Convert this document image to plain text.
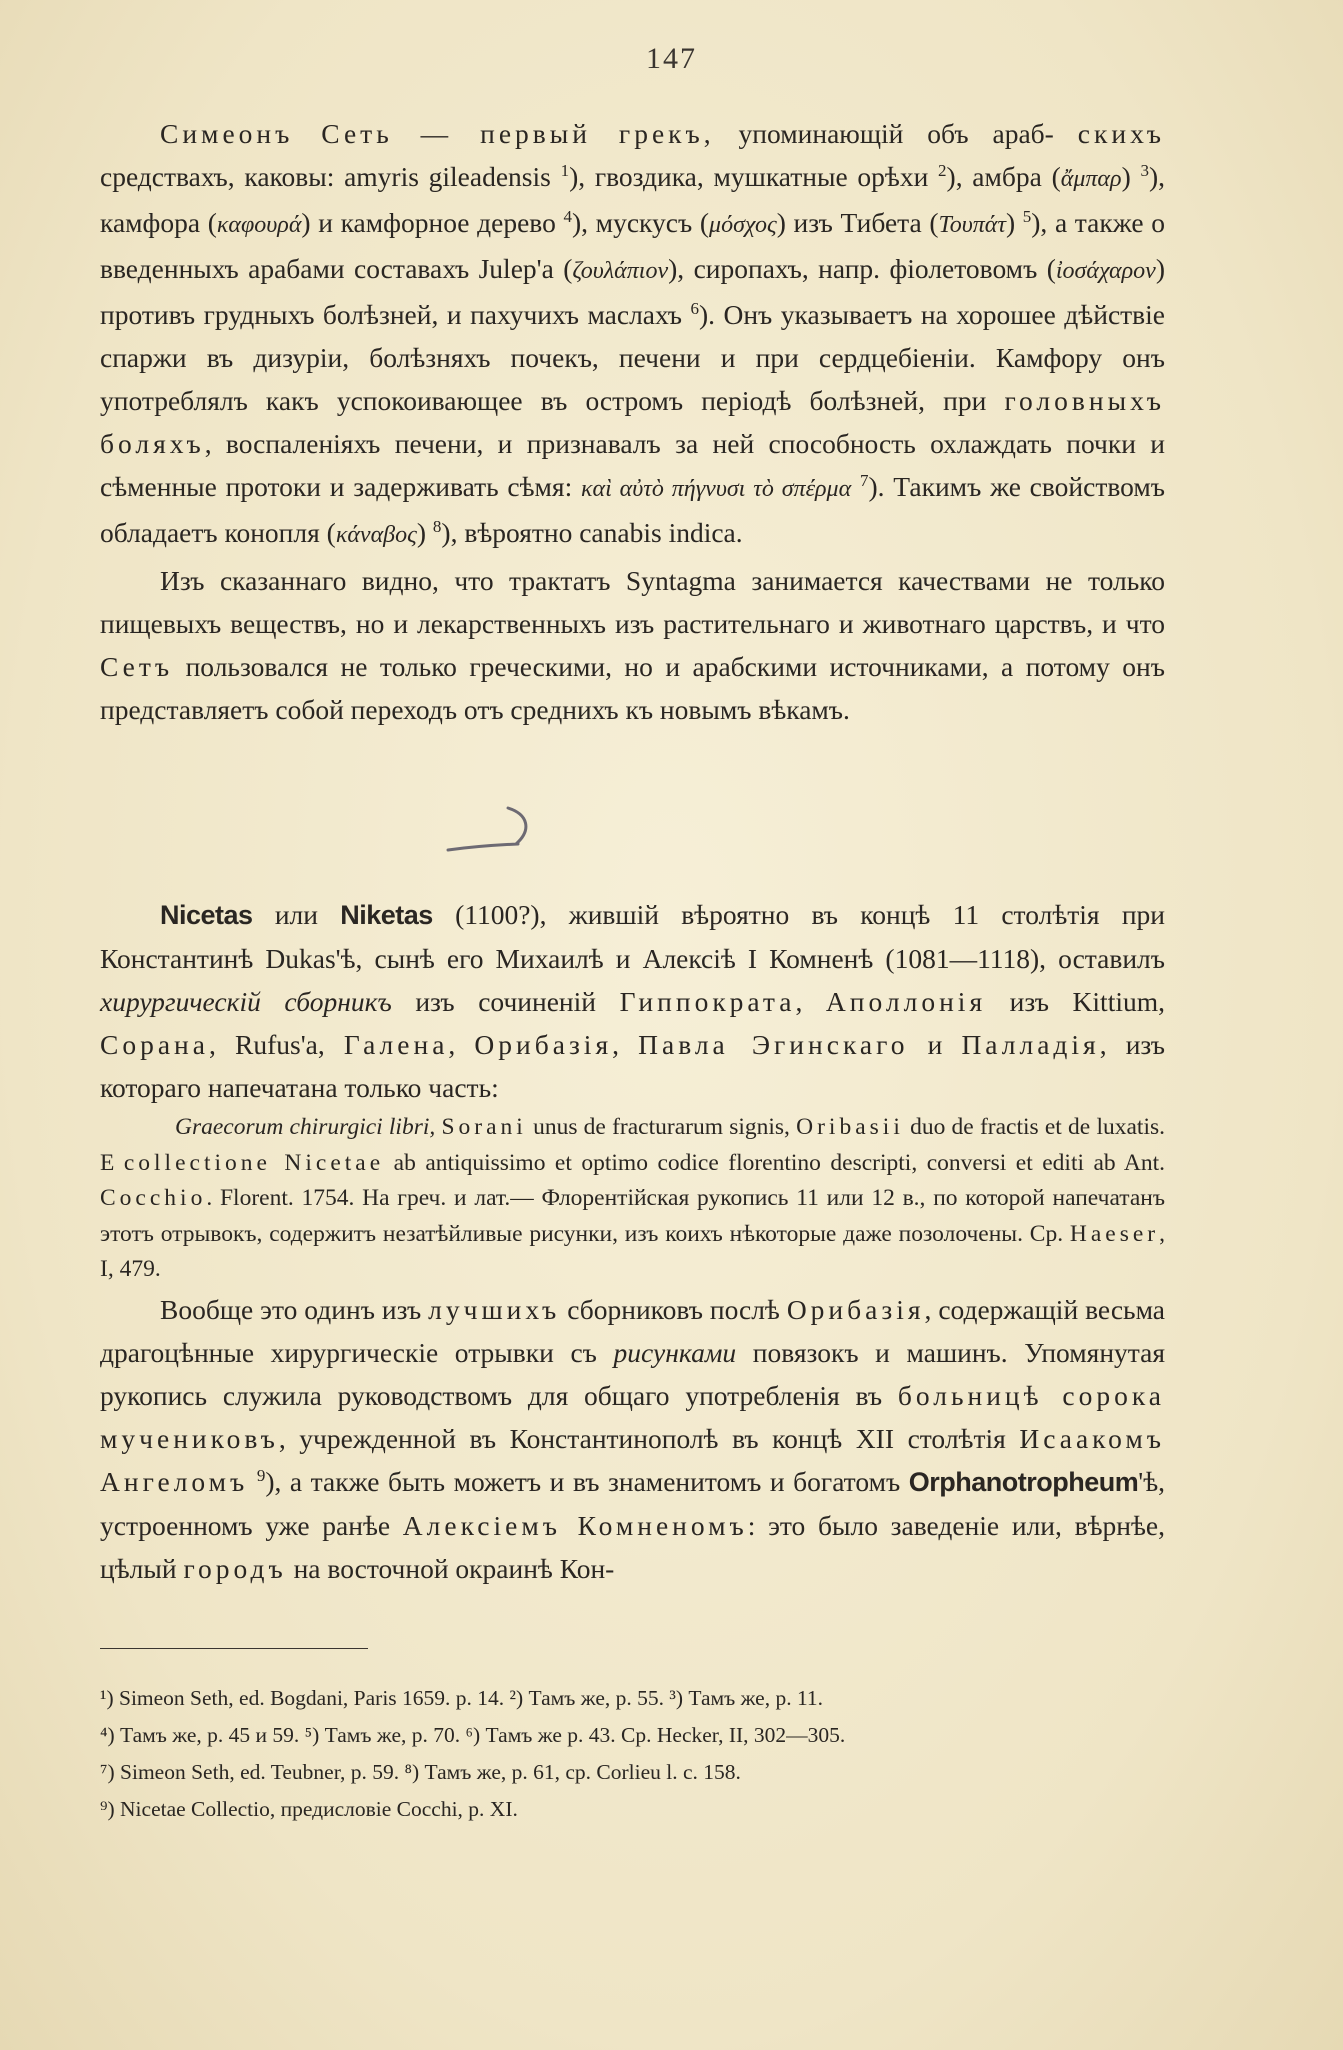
147

Симеонъ Сеть — первый грекъ, упоминающій объ араб- скихъ средствахъ, каковы: amyris gileadensis $^1$), гвоздика, мушкатные орѣхи $^2$), амбра (ἄμπαρ) $^3$), камфора (καφουρά) и камфорное дерево $^4$), мускусъ (μόσχος) изъ Тибета (Τουπάτ) $^5$), а также о введенныхъ арабами составахъ Julep'a (ζουλάπιον), сиропахъ, напр. фіолетовомъ (ἰοσάχαρον) противъ грудныхъ болѣзней, и пахучихъ маслахъ $^6$). Онъ указываетъ на хорошее дѣйствіе спаржи въ дизуріи, болѣзняхъ почекъ, печени и при сердцебіеніи. Камфору онъ употреблялъ какъ успокоивающее въ остромъ періодѣ болѣзней, при головныхъ боляхъ, воспаленіяхъ печени, и признавалъ за ней способность охлаждать почки и сѣменные протоки и задерживать сѣмя: καὶ αὐτὸ πήγνυσι τὸ σπέρμα $^7$). Такимъ же свойствомъ обладаетъ конопля (κάναβος) $^8$), вѣроятно canabis indica.

Изъ сказаннаго видно, что трактатъ Syntagma занимается качествами не только пищевыхъ веществъ, но и лекарственныхъ изъ растительнаго и животнаго царствъ, и что Сетъ пользовался не только греческими, но и арабскими источниками, а потому онъ представляетъ собой переходъ отъ среднихъ къ новымъ вѣкамъ.

Nicetas или Niketas (1100?), жившій вѣроятно въ концѣ 11 столѣтія при Константинѣ Dukas'ѣ, сынѣ его Михаилѣ и Алексіѣ I Комненѣ (1081—1118), оставилъ хирургическій сборникъ изъ сочиненій Гиппократа, Аполлонія изъ Kittium, Сорана, Rufus'a, Галена, Орибазія, Павла Эгинскаго и Палладія, изъ котораго напечатана только часть:

Graecorum chirurgici libri, Sorani unus de fracturarum signis, Oribasii duo de fractis et de luxatis. E collectione Nicetae ab antiquissimo et optimo codice florentino descripti, conversi et editi ab Ant. Cocchio. Florent. 1754. На греч. и лат.— Флорентійская рукопись 11 или 12 в., по которой напечатанъ этотъ отрывокъ, содержитъ незатѣйливые рисунки, изъ коихъ нѣкоторые даже позолочены. Ср. Haeser, I, 479.

Вообще это одинъ изъ лучшихъ сборниковъ послѣ Орибазія, содержащій весьма драгоцѣнные хирургическіе отрывки съ рисунками повязокъ и машинъ. Упомянутая рукопись служила руководствомъ для общаго употребленія въ больницѣ сорока мучениковъ, учрежденной въ Константинополѣ въ концѣ XII столѣтія Исаакомъ Ангеломъ $^9$), а также быть можетъ и въ знаменитомъ и богатомъ Orphanotropheum'ѣ, устроенномъ уже ранѣе Алексіемъ Комненомъ: это было заведеніе или, вѣрнѣе, цѣлый городъ на восточной окраинѣ Кон-

¹) Simeon Seth, ed. Bogdani, Paris 1659. p. 14. ²) Тамъ же, p. 55. ³) Тамъ же, p. 11.

⁴) Тамъ же, p. 45 и 59. ⁵) Тамъ же, p. 70. ⁶) Тамъ же p. 43. Ср. Hecker, II, 302—305.

⁷) Simeon Seth, ed. Teubner, p. 59. ⁸) Тамъ же, p. 61, ср. Corlieu l. c. 158.

⁹) Nicetae Collectio, предисловіе Cocchi, p. XI.
